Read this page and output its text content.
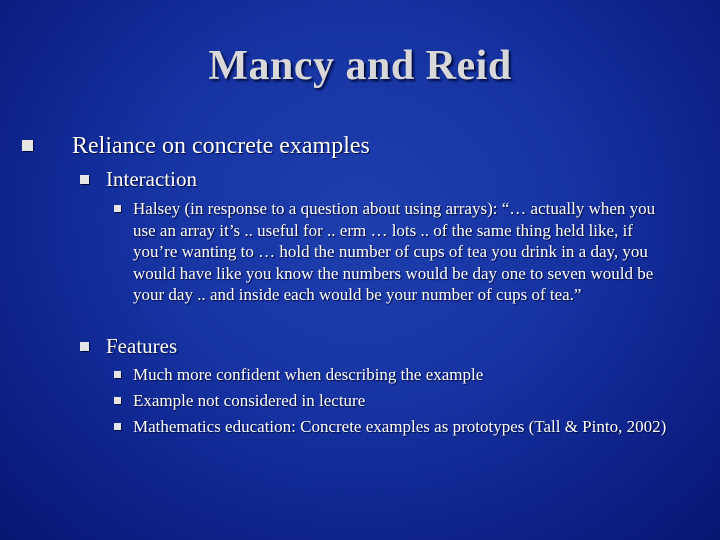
Mancy and Reid
Reliance on concrete examples
Interaction
Halsey (in response to a question about using arrays): “… actually when you use an array it’s .. useful for .. erm … lots .. of the same thing held like, if you’re wanting to … hold the number of cups of tea you drink in a day, you would have like you know the numbers would be day one to seven would be your day .. and inside each would be your number of cups of tea.”
Features
Much more confident when describing the example
Example not considered in lecture
Mathematics education: Concrete examples as prototypes (Tall & Pinto, 2002)
